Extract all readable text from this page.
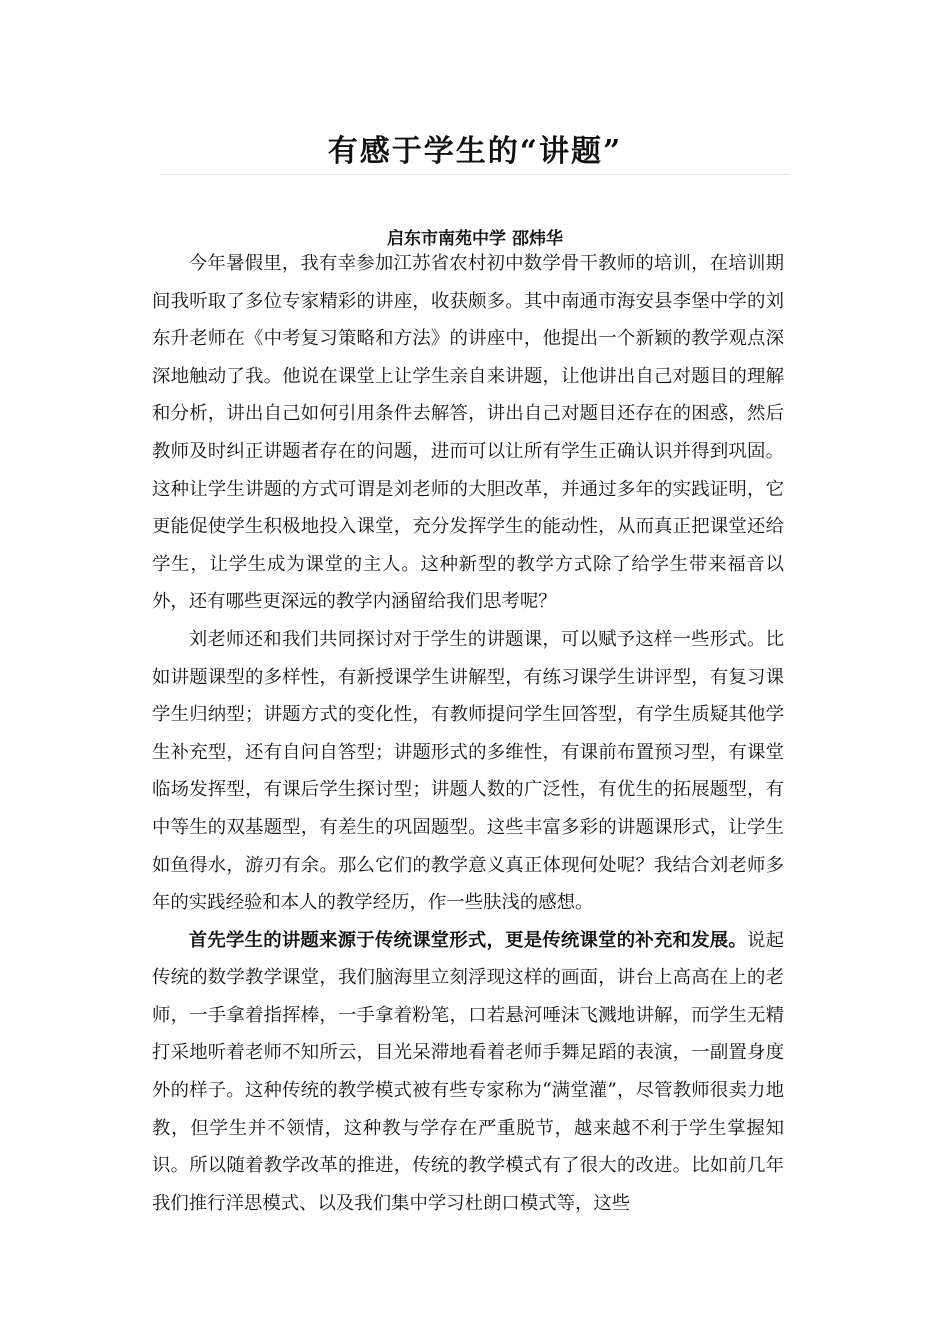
有感于学生的“讲题”
启东市南苑中学 邵炜华

今年暑假里，我有幸参加江苏省农村初中数学骨干教师的培训，在培训期间我听取了多位专家精彩的讲座，收获颇多。其中南通市海安县李堡中学的刘东升老师在《中考复习策略和方法》的讲座中，他提出一个新颖的教学观点深深地触动了我。他说在课堂上让学生亲自来讲题，让他讲出自己对题目的理解和分析，讲出自己如何引用条件去解答，讲出自己对题目还存在的困惑，然后教师及时纠正讲题者存在的问题，进而可以让所有学生正确认识并得到巩固。这种让学生讲题的方式可谓是刘老师的大胆改革，并通过多年的实践证明，它更能促使学生积极地投入课堂，充分发挥学生的能动性，从而真正把课堂还给学生，让学生成为课堂的主人。这种新型的教学方式除了给学生带来福音以外，还有哪些更深远的教学内涵留给我们思考呢？

刘老师还和我们共同探讨对于学生的讲题课，可以赋予这样一些形式。比如讲题课型的多样性，有新授课学生讲解型，有练习课学生讲评型，有复习课学生归纳型；讲题方式的变化性，有教师提问学生回答型，有学生质疑其他学生补充型，还有自问自答型；讲题形式的多维性，有课前布置预习型，有课堂临场发挥型，有课后学生探讨型；讲题人数的广泛性，有优生的拓展题型，有中等生的双基题型，有差生的巩固题型。这些丰富多彩的讲题课形式，让学生如鱼得水，游刃有余。那么它们的教学意义真正体现何处呢？我结合刘老师多年的实践经验和本人的教学经历，作一些肤浅的感想。

首先学生的讲题来源于传统课堂形式，更是传统课堂的补充和发展。说起传统的数学教学课堂，我们脑海里立刻浮现这样的画面，讲台上高高在上的老师，一手拿着指挥棒，一手拿着粉笔，口若悬河唾沫飞溅地讲解，而学生无精打采地听着老师不知所云，目光呆滞地看着老师手舞足蹈的表演，一副置身度外的样子。这种传统的教学模式被有些专家称为“满堂灌”，尽管教师很卖力地教，但学生并不领情，这种教与学存在严重脱节，越来越不利于学生掌握知识。所以随着教学改革的推进，传统的教学模式有了很大的改进。比如前几年我们推行洋思模式、以及我们集中学习杜朗口模式等，这些
